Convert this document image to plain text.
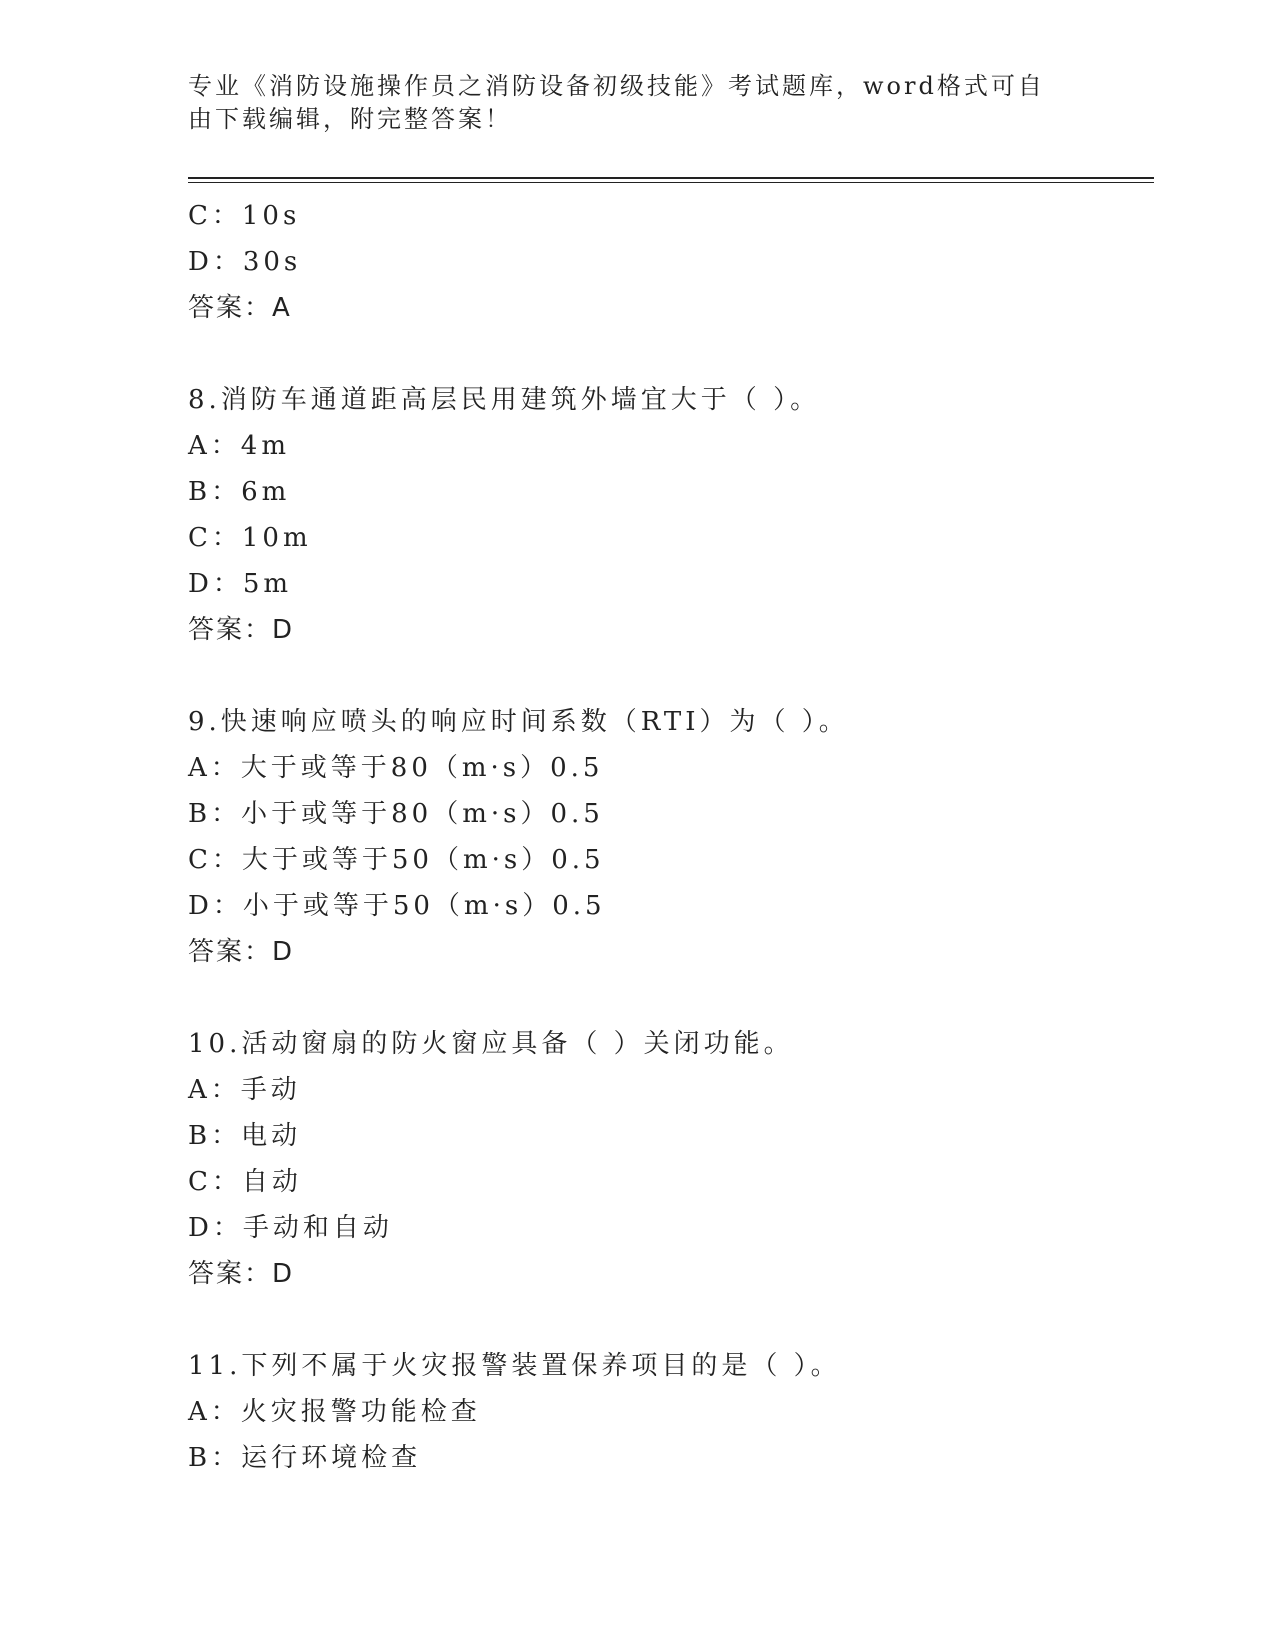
专业《消防设施操作员之消防设备初级技能》考试题库，word格式可自由下载编辑，附完整答案！
C：10s
D：30s
答案：A
8.消防车通道距高层民用建筑外墙宜大于（ ）。
A：4m
B：6m
C：10m
D：5m
答案：D
9.快速响应喷头的响应时间系数（RTI）为（ ）。
A：大于或等于80（m·s）0.5
B：小于或等于80（m·s）0.5
C：大于或等于50（m·s）0.5
D：小于或等于50（m·s）0.5
答案：D
10.活动窗扇的防火窗应具备（ ）关闭功能。
A：手动
B：电动
C：自动
D：手动和自动
答案：D
11.下列不属于火灾报警装置保养项目的是（ ）。
A：火灾报警功能检查
B：运行环境检查
